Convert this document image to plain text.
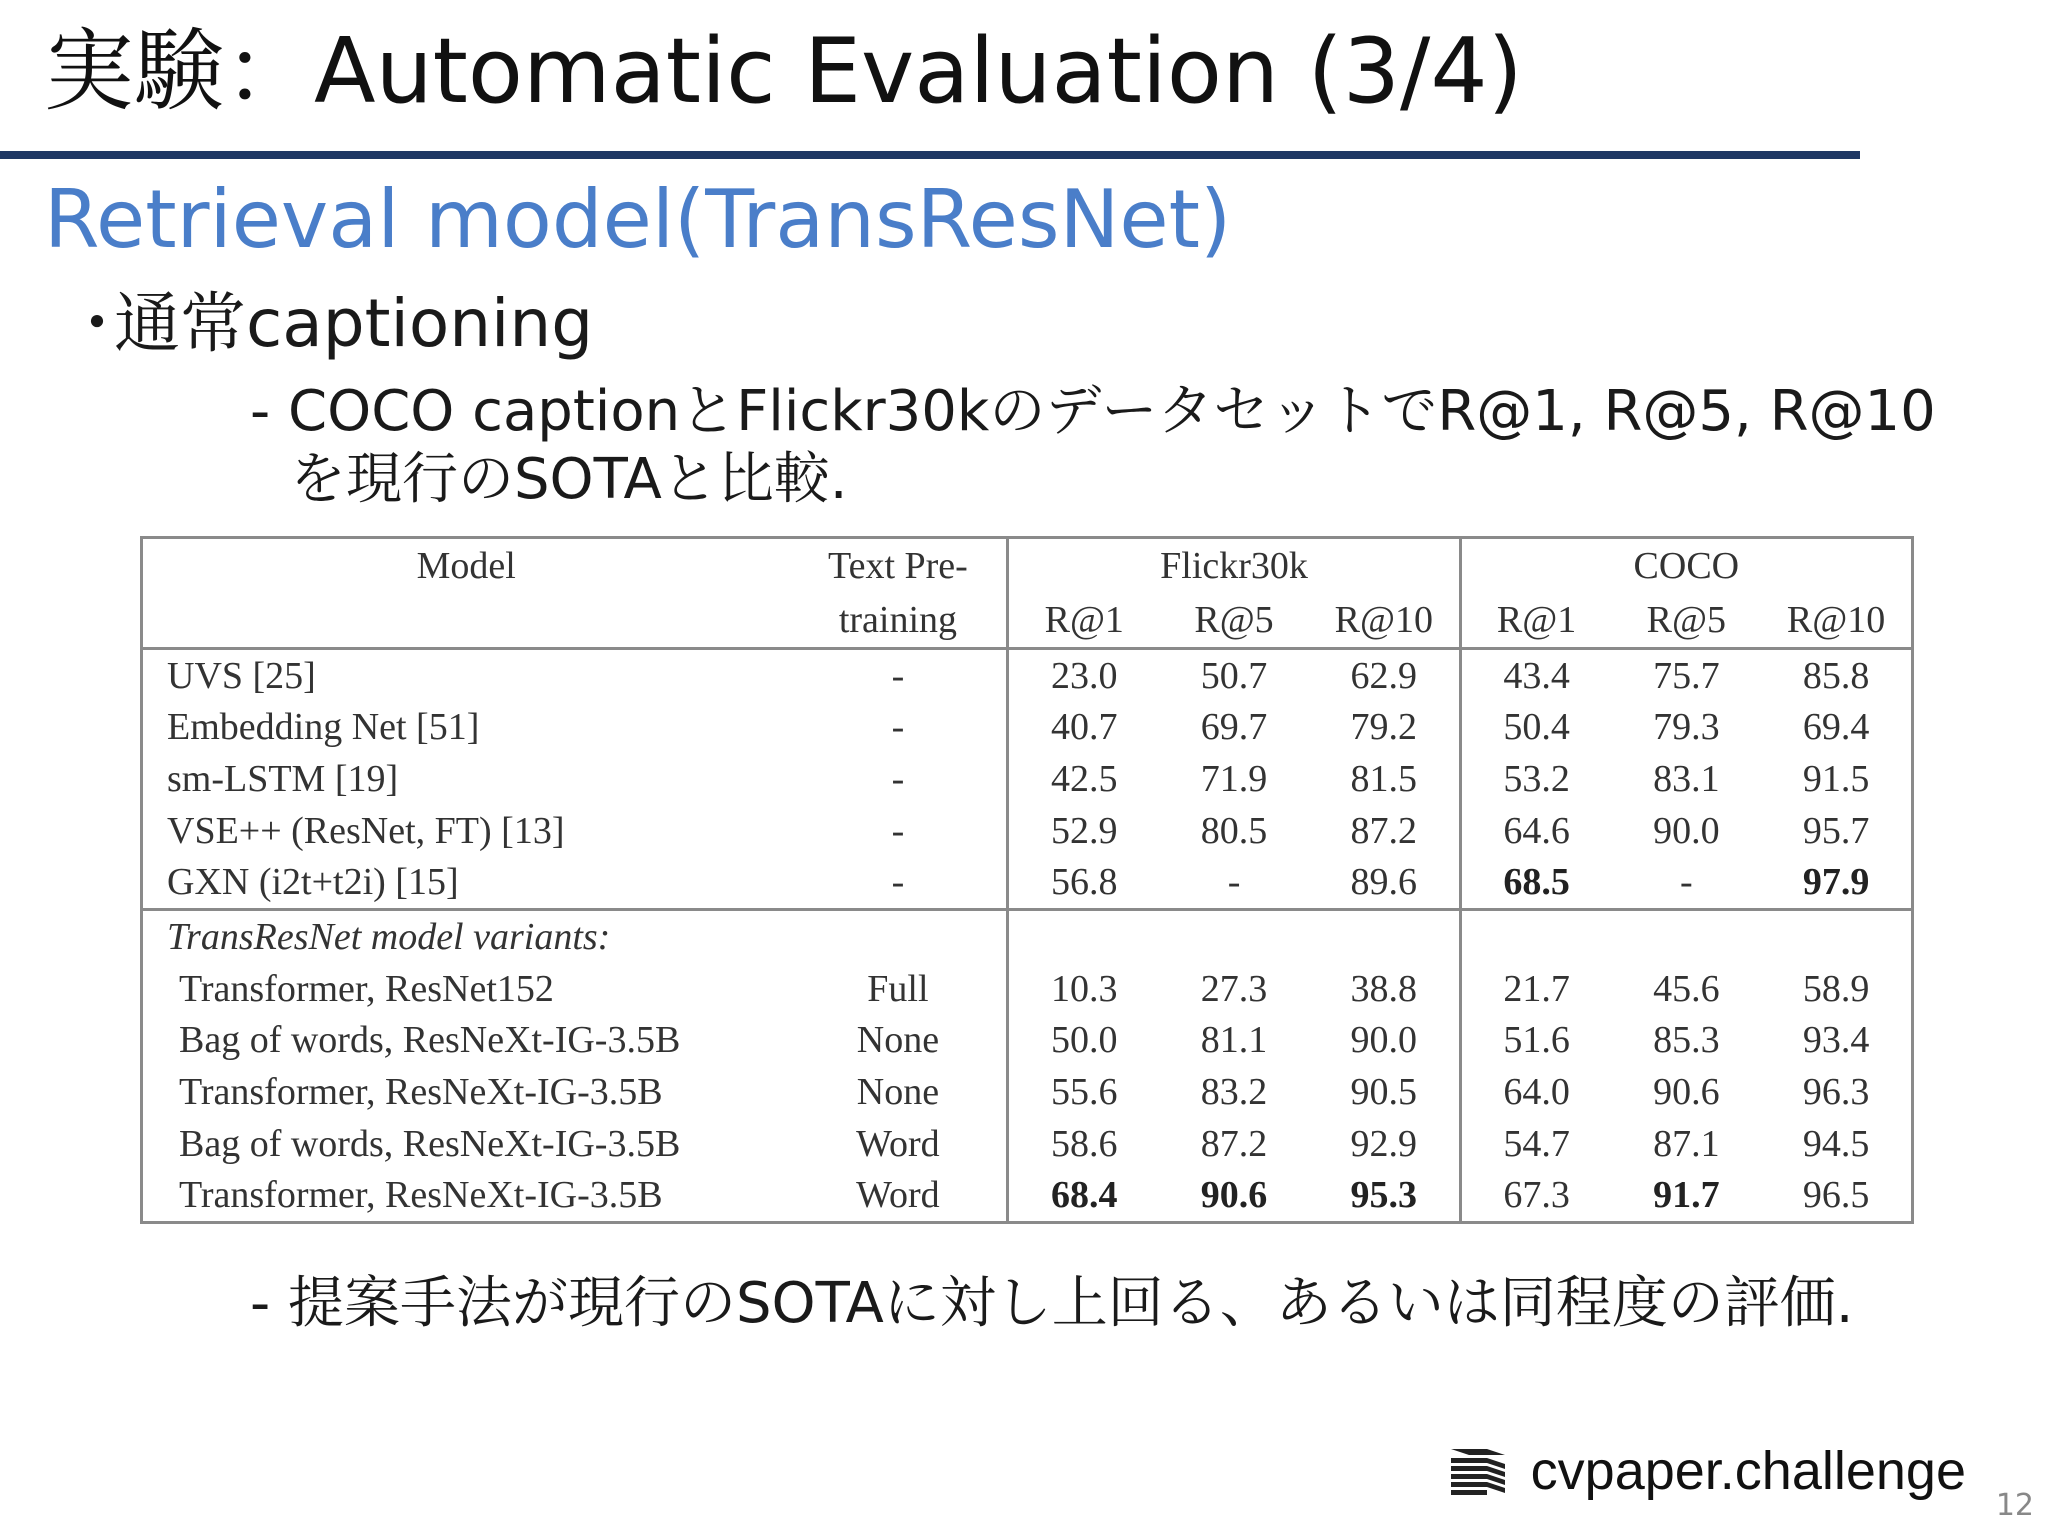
実験：Automatic Evaluation (3/4)
Retrieval model(TransResNet)
・通常captioning
- COCO captionとFlickr30kのデータセットでR@1, R@5, R@10
を現行のSOTAと比較.
Model	Text Pre-	Flickr30k			COCO		
	training	R@1	R@5	R@10	R@1	R@5	R@10
UVS [25]	-	23.0	50.7	62.9	43.4	75.7	85.8
Embedding Net [51]	-	40.7	69.7	79.2	50.4	79.3	69.4
sm-LSTM [19]	-	42.5	71.9	81.5	53.2	83.1	91.5
VSE++ (ResNet, FT) [13]	-	52.9	80.5	87.2	64.6	90.0	95.7
GXN (i2t+t2i) [15]	-	56.8	-	89.6	68.5	-	97.9
TransResNet model variants:							
Transformer, ResNet152	Full	10.3	27.3	38.8	21.7	45.6	58.9
Bag of words, ResNeXt-IG-3.5B	None	50.0	81.1	90.0	51.6	85.3	93.4
Transformer, ResNeXt-IG-3.5B	None	55.6	83.2	90.5	64.0	90.6	96.3
Bag of words, ResNeXt-IG-3.5B	Word	58.6	87.2	92.9	54.7	87.1	94.5
Transformer, ResNeXt-IG-3.5B	Word	68.4	90.6	95.3	67.3	91.7	96.5
- 提案手法が現行のSOTAに対し上回る、あるいは同程度の評価.
cvpaper.challenge
12
